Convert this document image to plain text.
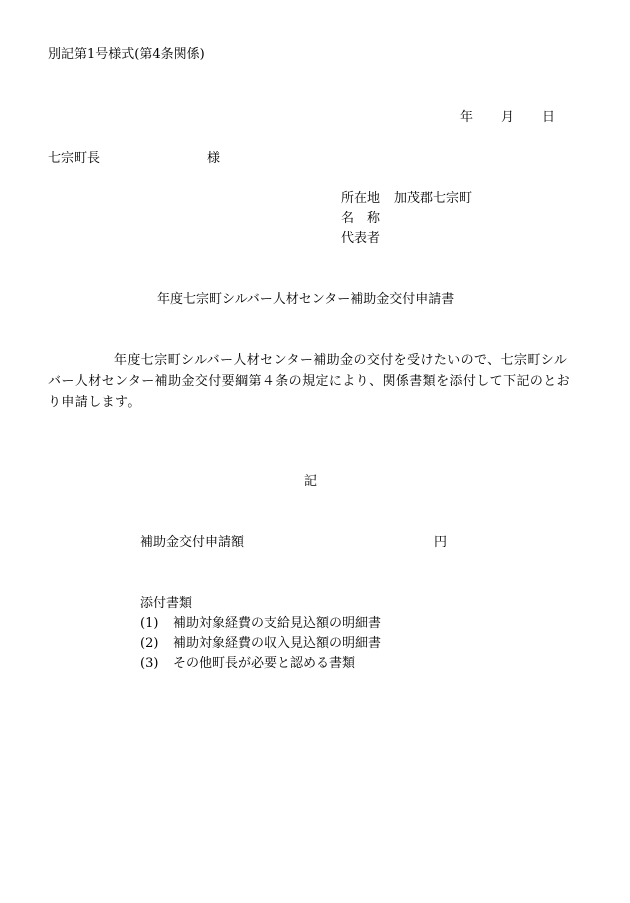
別記第1号様式(第4条関係)
年 月 日
七宗町長	様
所在地 加茂郡七宗町
名　称
代表者
年度七宗町シルバー人材センター補助金交付申請書
年度七宗町シルバー人材センター補助金の交付を受けたいので、七宗町シルバー人材センター補助金交付要綱第４条の規定により、関係書類を添付して下記のとおり申請します。
記
補助金交付申請額	円
添付書類
(1) 補助対象経費の支給見込額の明細書
(2) 補助対象経費の収入見込額の明細書
(3) その他町長が必要と認める書類
